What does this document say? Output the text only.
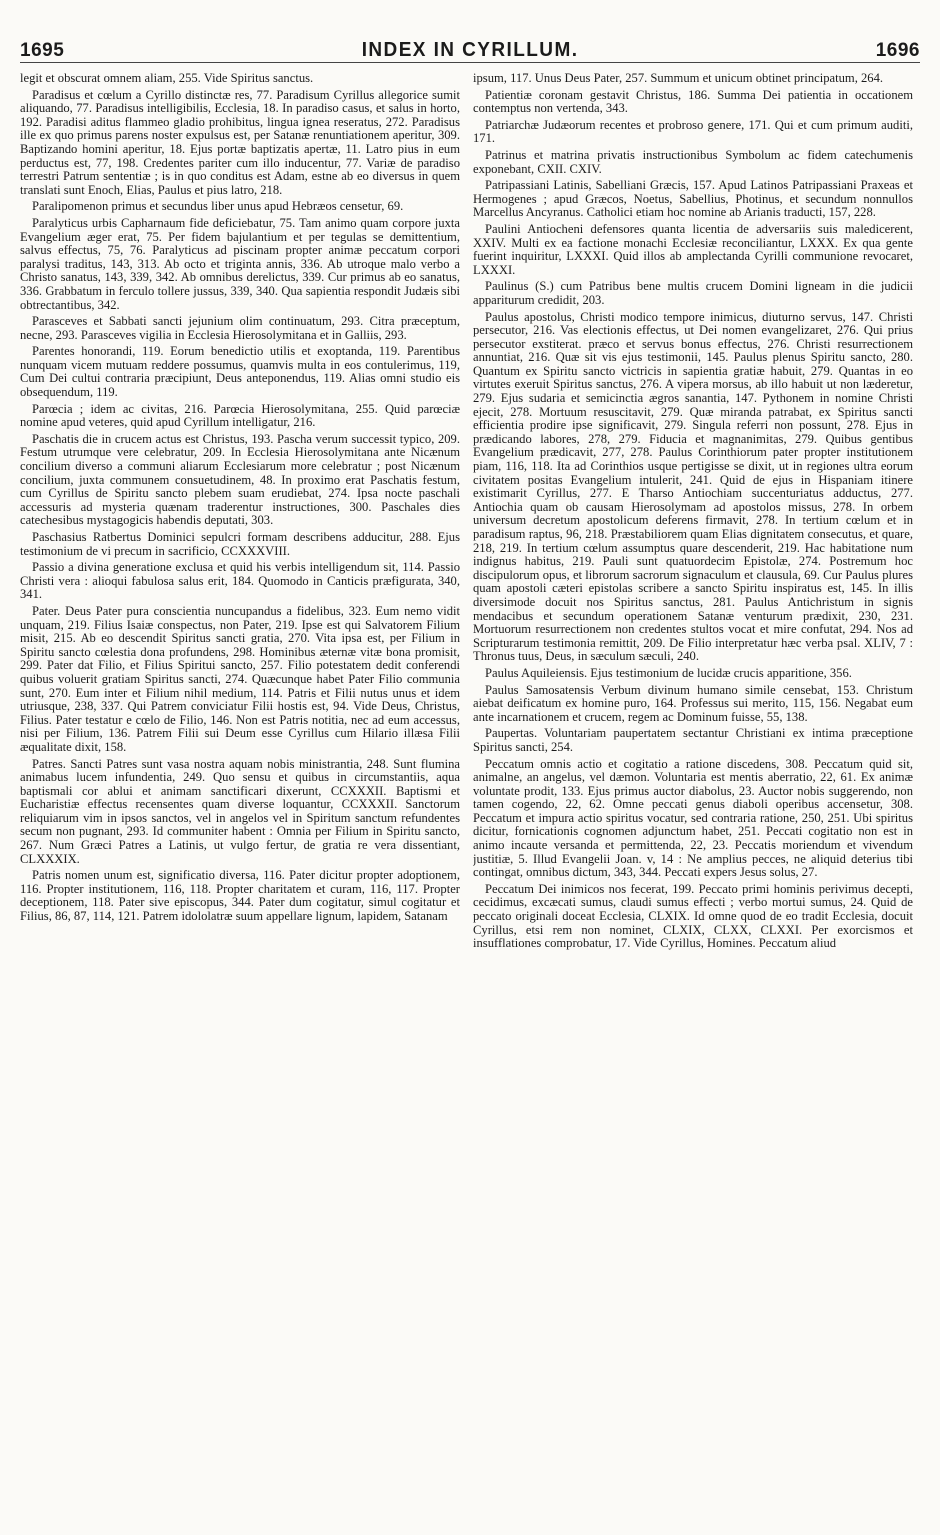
1695	INDEX IN CYRILLUM.	1696

legit et obscurat omnem aliam, 255. Vide Spiritus sanctus.

Paradisus et cœlum a Cyrillo distinctæ res, 77. Paradisum Cyrillus allegorice sumit aliquando, 77. Paradisus intelligibilis, Ecclesia, 18. In paradiso casus, et salus in horto, 192. Paradisi aditus flammeo gladio prohibitus, lingua ignea reseratus, 272. Paradisus ille ex quo primus parens noster expulsus est, per Satanæ renuntiationem aperitur, 309. Baptizando homini aperitur, 18. Ejus portæ baptizatis apertæ, 11. Latro pius in eum perductus est, 77, 198. Credentes pariter cum illo inducentur, 77. Variæ de paradiso terrestri Patrum sententiæ ; is in quo conditus est Adam, estne ab eo diversus in quem translati sunt Enoch, Elias, Paulus et pius latro, 218.

Paralipomenon primus et secundus liber unus apud Hebræos censetur, 69.

Paralyticus urbis Capharnaum fide deficiebatur, 75. Tam animo quam corpore juxta Evangelium æger erat, 75. Per fidem bajulantium et per tegulas se demittentium, salvus effectus, 75, 76. Paralyticus ad piscinam propter animæ peccatum corpori paralysi traditus, 143, 313. Ab octo et triginta annis, 336. Ab utroque malo verbo a Christo sanatus, 143, 339, 342. Ab omnibus derelictus, 339. Cur primus ab eo sanatus, 336. Grabbatum in ferculo tollere jussus, 339, 340. Qua sapientia respondit Judæis sibi obtrectantibus, 342.

Parasceves et Sabbati sancti jejunium olim continuatum, 293. Citra præceptum, necne, 293. Parasceves vigilia in Ecclesia Hierosolymitana et in Galliis, 293.

Parentes honorandi, 119. Eorum benedictio utilis et exoptanda, 119. Parentibus nunquam vicem mutuam reddere possumus, quamvis multa in eos contulerimus, 119, Cum Dei cultui contraria præcipiunt, Deus anteponendus, 119. Alias omni studio eis obsequendum, 119.

Parœcia ; idem ac civitas, 216. Parœcia Hierosolymitana, 255. Quid parœciæ nomine apud veteres, quid apud Cyrillum intelligatur, 216.

Paschatis die in crucem actus est Christus, 193. Pascha verum successit typico, 209. Festum utrumque vere celebratur, 209. In Ecclesia Hierosolymitana ante Nicænum concilium diverso a communi aliarum Ecclesiarum more celebratur ; post Nicænum concilium, juxta communem consuetudinem, 48. In proximo erat Paschatis festum, cum Cyrillus de Spiritu sancto plebem suam erudiebat, 274. Ipsa nocte paschali accessuris ad mysteria quænam traderentur instructiones, 300. Paschales dies catechesibus mystagogicis habendis deputati, 303.

Paschasius Ratbertus Dominici sepulcri formam describens adducitur, 288. Ejus testimonium de vi precum in sacrificio, CCXXXVIII.

Passio a divina generatione exclusa et quid his verbis intelligendum sit, 114. Passio Christi vera : alioqui fabulosa salus erit, 184. Quomodo in Canticis præfigurata, 340, 341.

Pater. Deus Pater pura conscientia nuncupandus a fidelibus, 323. Eum nemo vidit unquam, 219. Filius Isaiæ conspectus, non Pater, 219. Ipse est qui Salvatorem Filium misit, 215. Ab eo descendit Spiritus sancti gratia, 270. Vita ipsa est, per Filium in Spiritu sancto cœlestia dona profundens, 298. Hominibus æternæ vitæ bona promisit, 299. Pater dat Filio, et Filius Spiritui sancto, 257. Filio potestatem dedit conferendi quibus voluerit gratiam Spiritus sancti, 274. Quæcunque habet Pater Filio communia sunt, 270. Eum inter et Filium nihil medium, 114. Patris et Filii nutus unus et idem utriusque, 238, 337. Qui Patrem conviciatur Filii hostis est, 94. Vide Deus, Christus, Filius. Pater testatur e cœlo de Filio, 146. Non est Patris notitia, nec ad eum accessus, nisi per Filium, 136. Patrem Filii sui Deum esse Cyrillus cum Hilario illæsa Filii æqualitate dixit, 158.

Patres. Sancti Patres sunt vasa nostra aquam nobis ministrantia, 248. Sunt flumina animabus lucem infundentia, 249. Quo sensu et quibus in circumstantiis, aqua baptismali cor ablui et animam sanctificari dixerunt, CCXXXII. Baptismi et Eucharistiæ effectus recensentes quam diverse loquantur, CCXXXII. Sanctorum reliquiarum vim in ipsos sanctos, vel in angelos vel in Spiritum sanctum refundentes secum non pugnant, 293. Id communiter habent : Omnia per Filium in Spiritu sancto, 267. Num Græci Patres a Latinis, ut vulgo fertur, de gratia re vera dissentiant, CLXXXIX.

Patris nomen unum est, significatio diversa, 116. Pater dicitur propter adoptionem, 116. Propter institutionem, 116, 118. Propter charitatem et curam, 116, 117. Propter deceptionem, 118. Pater sive episcopus, 344. Pater dum cogitatur, simul cogitatur et Filius, 86, 87, 114, 121. Patrem idololatræ suum appellare lignum, lapidem, Satanam

ipsum, 117. Unus Deus Pater, 257. Summum et unicum obtinet principatum, 264.

Patientiæ coronam gestavit Christus, 186. Summa Dei patientia in occationem contemptus non vertenda, 343.

Patriarchæ Judæorum recentes et probroso genere, 171. Qui et cum primum auditi, 171.

Patrinus et matrina privatis instructionibus Symbolum ac fidem catechumenis exponebant, CXII. CXIV.

Patripassiani Latinis, Sabelliani Græcis, 157. Apud Latinos Patripassiani Praxeas et Hermogenes ; apud Græcos, Noetus, Sabellius, Photinus, et secundum nonnullos Marcellus Ancyranus. Catholici etiam hoc nomine ab Arianis traducti, 157, 228.

Paulini Antiocheni defensores quanta licentia de adversariis suis maledicerent, XXIV. Multi ex ea factione monachi Ecclesiæ reconciliantur, LXXX. Ex qua gente fuerint inquiritur, LXXXI. Quid illos ab amplectanda Cyrilli communione revocaret, LXXXI.

Paulinus (S.) cum Patribus bene multis crucem Domini ligneam in die judicii appariturum credidit, 203.

Paulus apostolus, Christi modico tempore inimicus, diuturno servus, 147. Christi persecutor, 216. Vas electionis effectus, ut Dei nomen evangelizaret, 276. Qui prius persecutor exstiterat. præco et servus bonus effectus, 276. Christi resurrectionem annuntiat, 216. Quæ sit vis ejus testimonii, 145. Paulus plenus Spiritu sancto, 280. Quantum ex Spiritu sancto victricis in sapientia gratiæ habuit, 279. Quantas in eo virtutes exeruit Spiritus sanctus, 276. A vipera morsus, ab illo habuit ut non læderetur, 279. Ejus sudaria et semicinctia ægros sanantia, 147. Pythonem in nomine Christi ejecit, 278. Mortuum resuscitavit, 279. Quæ miranda patrabat, ex Spiritus sancti efficientia prodire ipse significavit, 279. Singula referri non possunt, 278. Ejus in prædicando labores, 278, 279. Fiducia et magnanimitas, 279. Quibus gentibus Evangelium prædicavit, 277, 278. Paulus Corinthiorum pater propter institutionem piam, 116, 118. Ita ad Corinthios usque pertigisse se dixit, ut in regiones ultra eorum civitatem positas Evangelium intulerit, 241. Quid de ejus in Hispaniam itinere existimarit Cyrillus, 277. E Tharso Antiochiam succenturiatus adductus, 277. Antiochia quam ob causam Hierosolymam ad apostolos missus, 278. In orbem universum decretum apostolicum deferens firmavit, 278. In tertium cœlum et in paradisum raptus, 96, 218. Præstabiliorem quam Elias dignitatem consecutus, et quare, 218, 219. In tertium cœlum assumptus quare descenderit, 219. Hac habitatione num indignus habitus, 219. Pauli sunt quatuordecim Epistolæ, 274. Postremum hoc discipulorum opus, et librorum sacrorum signaculum et clausula, 69. Cur Paulus plures quam apostoli cæteri epistolas scribere a sancto Spiritu inspiratus est, 145. In illis diversimode docuit nos Spiritus sanctus, 281. Paulus Antichristum in signis mendacibus et secundum operationem Satanæ venturum prædixit, 230, 231. Mortuorum resurrectionem non credentes stultos vocat et mire confutat, 294. Nos ad Scripturarum testimonia remittit, 209. De Filio interpretatur hæc verba psal. XLIV, 7 : Thronus tuus, Deus, in sæculum sæculi, 240.

Paulus Aquileiensis. Ejus testimonium de lucidæ crucis apparitione, 356.

Paulus Samosatensis Verbum divinum humano simile censebat, 153. Christum aiebat deificatum ex homine puro, 164. Professus sui merito, 115, 156. Negabat eum ante incarnationem et crucem, regem ac Dominum fuisse, 55, 138.

Paupertas. Voluntariam paupertatem sectantur Christiani ex intima præceptione Spiritus sancti, 254.

Peccatum omnis actio et cogitatio a ratione discedens, 308. Peccatum quid sit, animalne, an angelus, vel dæmon. Voluntaria est mentis aberratio, 22, 61. Ex animæ voluntate prodit, 133. Ejus primus auctor diabolus, 23. Auctor nobis suggerendo, non tamen cogendo, 22, 62. Omne peccati genus diaboli operibus accensetur, 308. Peccatum et impura actio spiritus vocatur, sed contraria ratione, 250, 251. Ubi spiritus dicitur, fornicationis cognomen adjunctum habet, 251. Peccati cogitatio non est in animo incaute versanda et permittenda, 22, 23. Peccatis moriendum et vivendum justitiæ, 5. Illud Evangelii Joan. v, 14 : Ne amplius pecces, ne aliquid deterius tibi contingat, omnibus dictum, 343, 344. Peccati expers Jesus solus, 27.

Peccatum Dei inimicos nos fecerat, 199. Peccato primi hominis perivimus decepti, cecidimus, excæcati sumus, claudi sumus effecti ; verbo mortui sumus, 24. Quid de peccato originali doceat Ecclesia, CLXIX. Id omne quod de eo tradit Ecclesia, docuit Cyrillus, etsi rem non nominet, CLXIX, CLXX, CLXXI. Per exorcismos et insufflationes comprobatur, 17. Vide Cyrillus, Homines. Peccatum aliud
